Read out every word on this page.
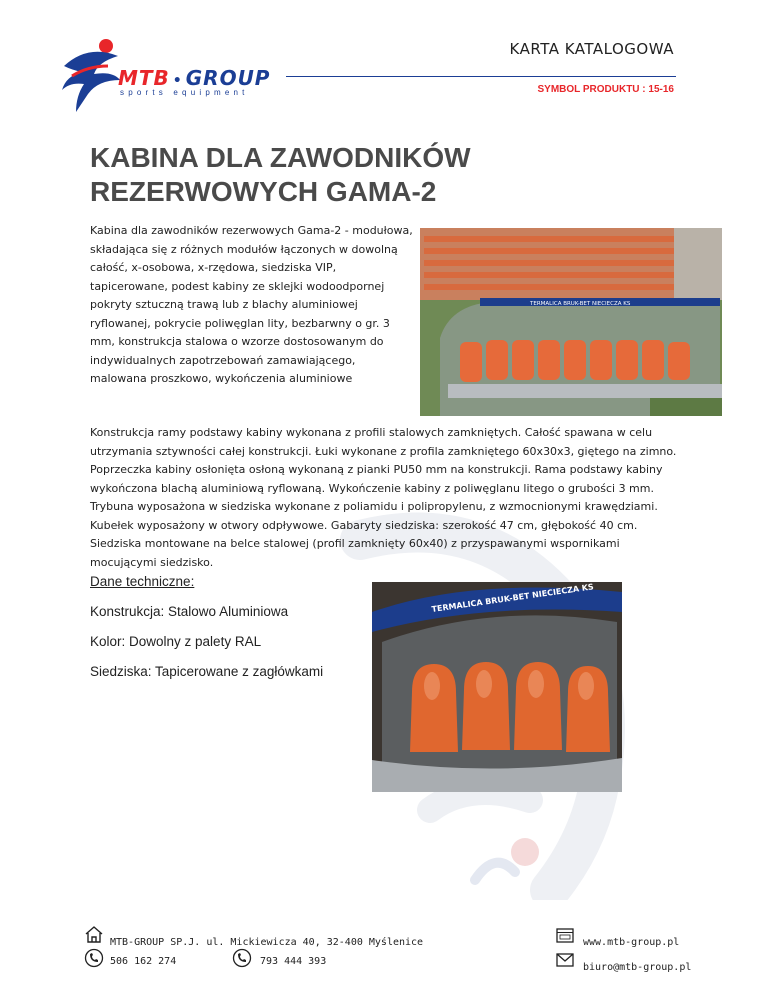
MTB • GROUP
sports equipment
KARTA KATALOGOWA
SYMBOL PRODUKTU : 15-16
KABINA DLA ZAWODNIKÓW REZERWOWYCH GAMA-2
Kabina dla zawodników rezerwowych Gama-2 - modułowa, składająca się z różnych modułów łączonych w dowolną całość, x-osobowa, x-rzędowa, siedziska VIP, tapicerowane, podest kabiny ze sklejki wodoodpornej pokryty sztuczną trawą lub z blachy aluminiowej ryflowanej, pokrycie poliwęglan lity, bezbarwny o gr. 3 mm, konstrukcja stalowa o wzorze dostosowanym do indywidualnych zapotrzebowań zamawiającego, malowana proszkowo, wykończenia aluminiowe
TERMALICA BRUK-BET NIECIECZA KS
Konstrukcja ramy podstawy kabiny wykonana z profili stalowych zamkniętych. Całość spawana w celu utrzymania sztywności całej konstrukcji. Łuki wykonane z profila zamkniętego 60x30x3, giętego na zimno. Poprzeczka kabiny osłonięta osłoną wykonaną z pianki PU50 mm na konstrukcji. Rama podstawy kabiny wykończona blachą aluminiową ryflowaną. Wykończenie kabiny z poliwęglanu litego o grubości 3 mm. Trybuna wyposażona w siedziska wykonane z poliamidu i polipropylenu, z wzmocnionymi krawędziami. Kubełek wyposażony w otwory odpływowe. Gabaryty siedziska: szerokość 47 cm, głębokość 40 cm. Siedziska montowane na belce stalowej (profil zamknięty 60x40) z przyspawanymi wspornikami mocującymi siedzisko.
Dane techniczne:
Konstrukcja: Stalowo Aluminiowa
Kolor: Dowolny z palety RAL
Siedziska: Tapicerowane z zagłówkami
TERMALICA BRUK-BET NIECIECZA KS
MTB-GROUP SP.J. ul. Mickiewicza 40, 32-400 Myślenice
506 162 274	793 444 393
www.mtb-group.pl
biuro@mtb-group.pl
